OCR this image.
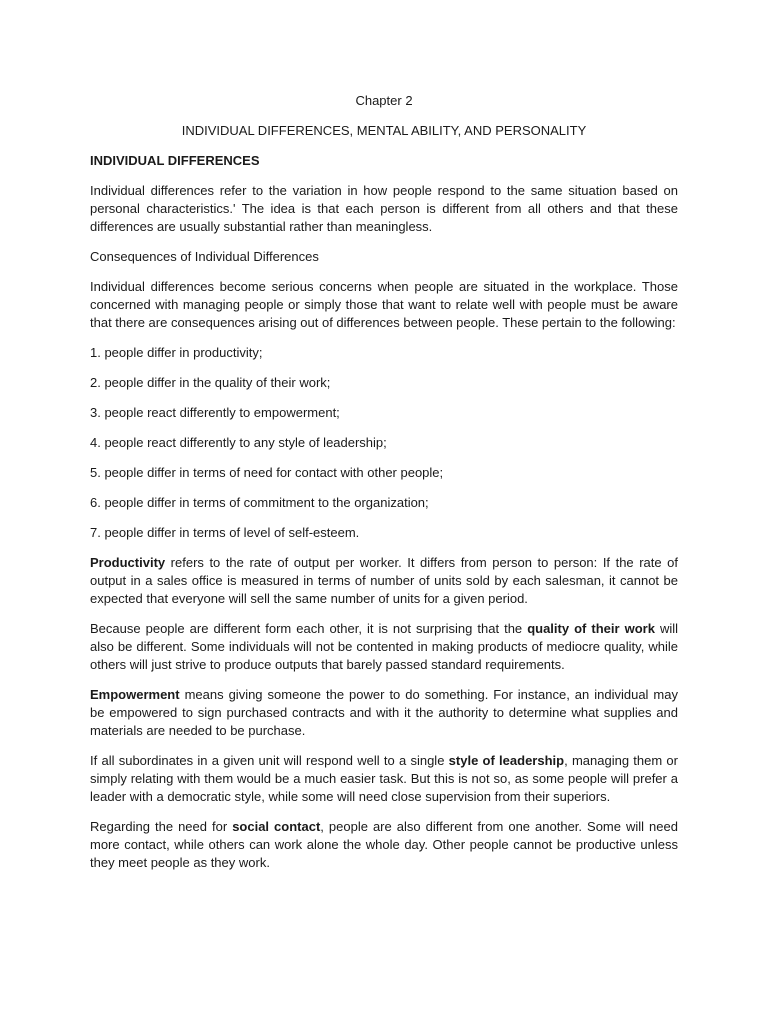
Chapter 2
INDIVIDUAL DIFFERENCES, MENTAL ABILITY, AND PERSONALITY
INDIVIDUAL DIFFERENCES

Individual differences refer to the variation in how people respond to the same situation based on personal characteristics.' The idea is that each person is different from all others and that these differences are usually substantial rather than meaningless.

Consequences of Individual Differences

Individual differences become serious concerns when people are situated in the workplace. Those concerned with managing people or simply those that want to relate well with people must be aware that there are consequences arising out of differences between people. These pertain to the following:

1. people differ in productivity;
2. people differ in the quality of their work;
3. people react differently to empowerment;
4. people react differently to any style of leadership;
5. people differ in terms of need for contact with other people;
6. people differ in terms of commitment to the organization;
7. people differ in terms of level of self-esteem.

Productivity refers to the rate of output per worker. It differs from person to person: If the rate of output in a sales office is measured in terms of number of units sold by each salesman, it cannot be expected that everyone will sell the same number of units for a given period.

Because people are different form each other, it is not surprising that the quality of their work will also be different. Some individuals will not be contented in making products of mediocre quality, while others will just strive to produce outputs that barely passed standard requirements.

Empowerment means giving someone the power to do something. For instance, an individual may be empowered to sign purchased contracts and with it the authority to determine what supplies and materials are needed to be purchase.

If all subordinates in a given unit will respond well to a single style of leadership, managing them or simply relating with them would be a much easier task. But this is not so, as some people will prefer a leader with a democratic style, while some will need close supervision from their superiors.

Regarding the need for social contact, people are also different from one another. Some will need more contact, while others can work alone the whole day. Other people cannot be productive unless they meet people as they work.
